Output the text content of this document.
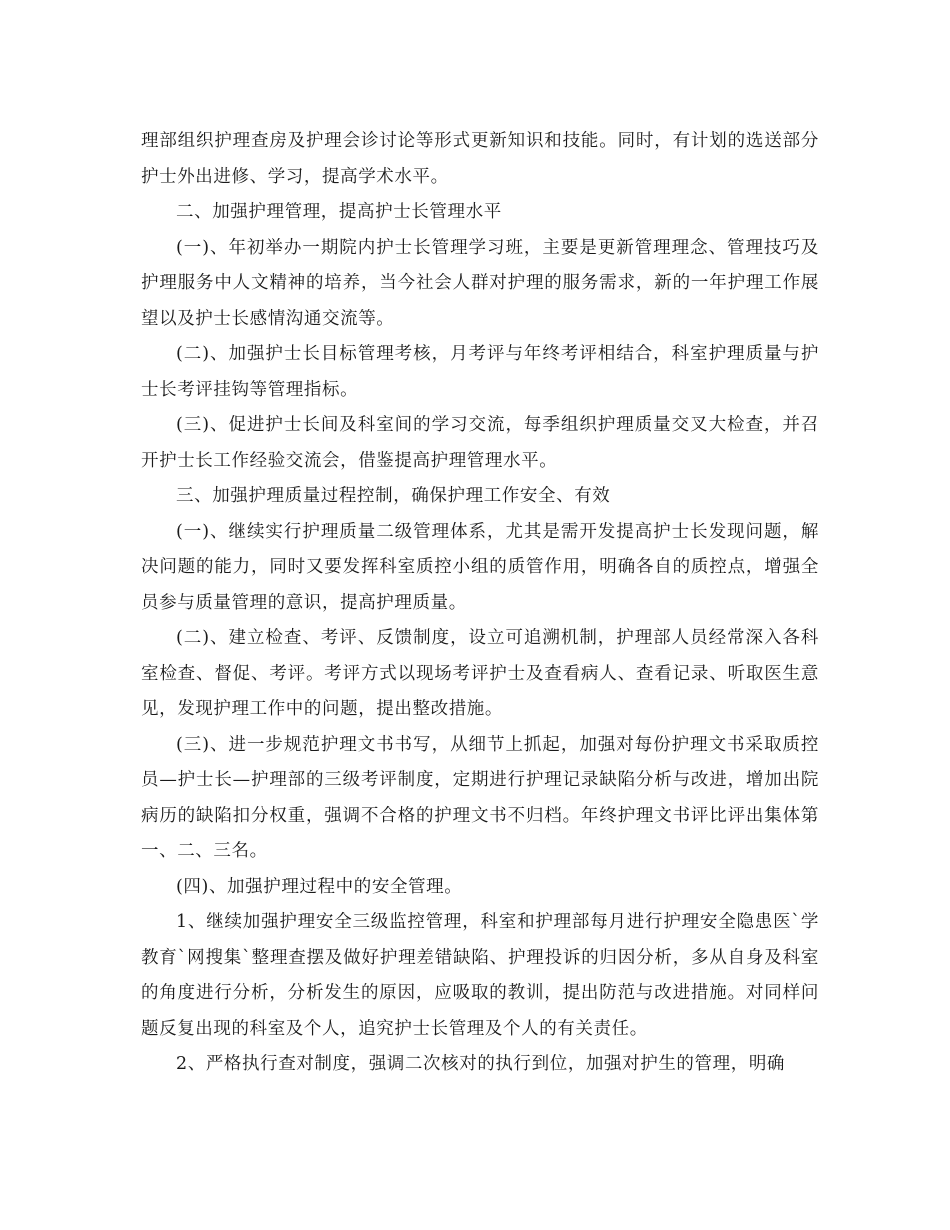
理部组织护理查房及护理会诊讨论等形式更新知识和技能。同时，有计划的选送部分护士外出进修、学习，提高学术水平。

二、加强护理管理，提高护士长管理水平

(一)、年初举办一期院内护士长管理学习班，主要是更新管理理念、管理技巧及护理服务中人文精神的培养，当今社会人群对护理的服务需求，新的一年护理工作展望以及护士长感情沟通交流等。

(二)、加强护士长目标管理考核，月考评与年终考评相结合，科室护理质量与护士长考评挂钩等管理指标。

(三)、促进护士长间及科室间的学习交流，每季组织护理质量交叉大检查，并召开护士长工作经验交流会，借鉴提高护理管理水平。

三、加强护理质量过程控制，确保护理工作安全、有效

(一)、继续实行护理质量二级管理体系，尤其是需开发提高护士长发现问题，解决问题的能力，同时又要发挥科室质控小组的质管作用，明确各自的质控点，增强全员参与质量管理的意识，提高护理质量。

(二)、建立检查、考评、反馈制度，设立可追溯机制，护理部人员经常深入各科室检查、督促、考评。考评方式以现场考评护士及查看病人、查看记录、听取医生意见，发现护理工作中的问题，提出整改措施。

(三)、进一步规范护理文书书写，从细节上抓起，加强对每份护理文书采取质控员—护士长—护理部的三级考评制度，定期进行护理记录缺陷分析与改进，增加出院病历的缺陷扣分权重，强调不合格的护理文书不归档。年终护理文书评比评出集体第一、二、三名。

(四)、加强护理过程中的安全管理。

1、继续加强护理安全三级监控管理，科室和护理部每月进行护理安全隐患医`学教育`网搜集`整理查摆及做好护理差错缺陷、护理投诉的归因分析，多从自身及科室的角度进行分析，分析发生的原因，应吸取的教训，提出防范与改进措施。对同样问题反复出现的科室及个人，追究护士长管理及个人的有关责任。

2、严格执行查对制度，强调二次核对的执行到位，加强对护生的管理，明确
